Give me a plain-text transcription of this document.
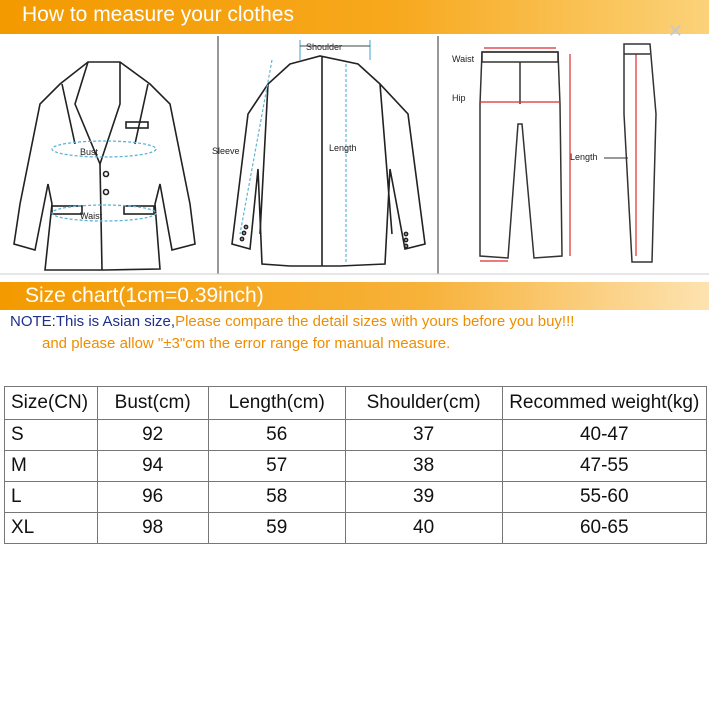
How to measure your clothes
✕
Bust
Waist
Shoulder
Sleeve	Length
Waist
Hip
Length
Size chart(1cm=0.39inch)
NOTE:This is Asian size,Please compare the detail sizes with yours before you buy!!!
and please allow "±3"cm the error range for manual measure.
Size(CN)	Bust(cm)	Length(cm)	Shoulder(cm)	Recommed weight(kg)
S	92	56	37	40-47
M	94	57	38	47-55
L	96	58	39	55-60
XL	98	59	40	60-65
